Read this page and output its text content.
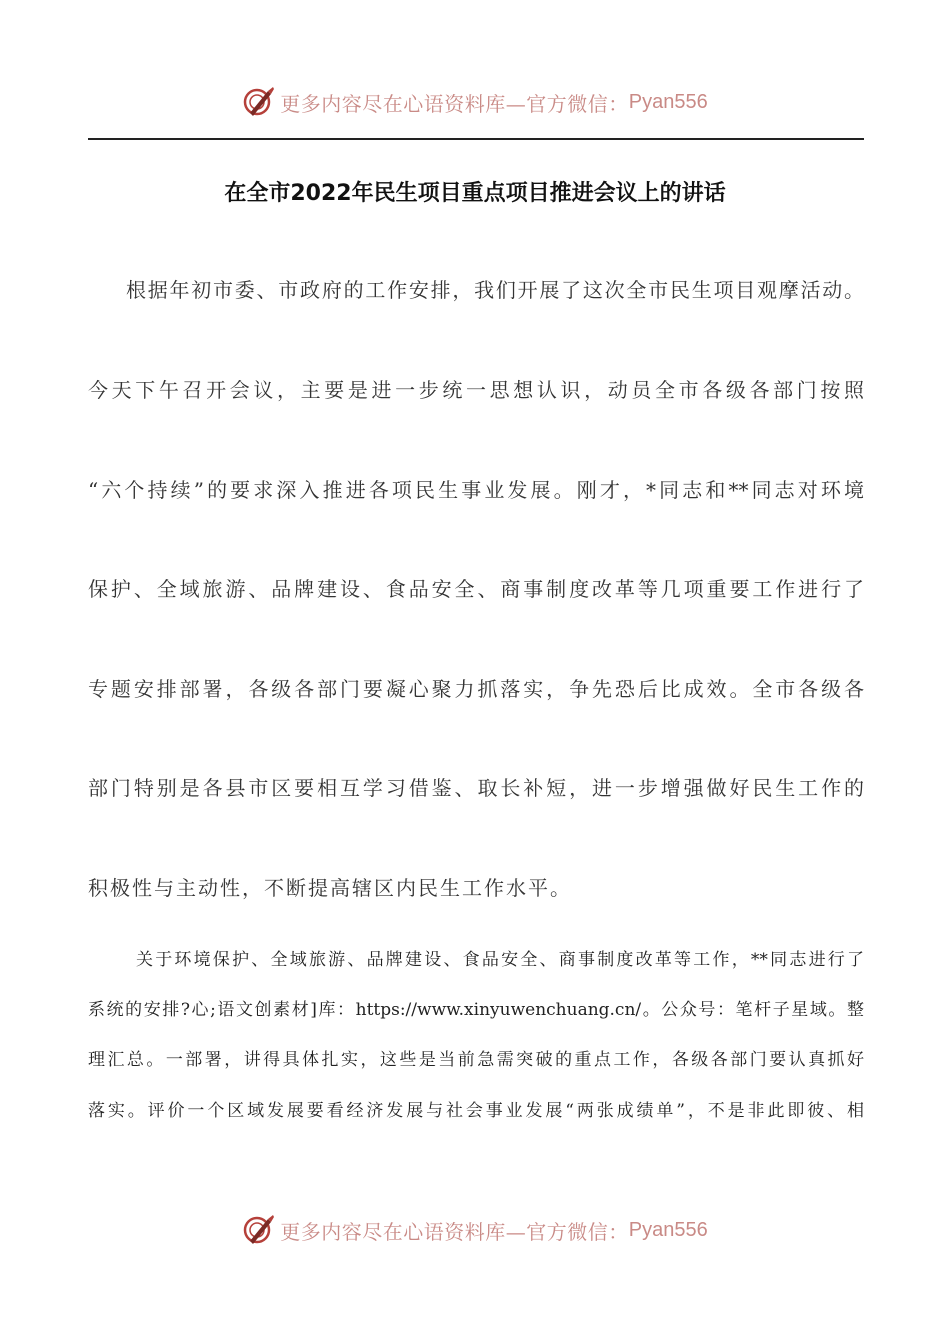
更多内容尽在心语资料库—官方微信： Pyan556
在全市2022年民生项目重点项目推进会议上的讲话
根据年初市委、市政府的工作安排，我们开展了这次全市民生项目观摩活动。
今天下午召开会议，主要是进一步统一思想认识，动员全市各级各部门按照
“六个持续”的要求深入推进各项民生事业发展。刚才，*同志和**同志对环境
保护、全域旅游、品牌建设、食品安全、商事制度改革等几项重要工作进行了
专题安排部署，各级各部门要凝心聚力抓落实，争先恐后比成效。全市各级各
部门特别是各县市区要相互学习借鉴、取长补短，进一步增强做好民生工作的
积极性与主动性，不断提高辖区内民生工作水平。
关于环境保护、全域旅游、品牌建设、食品安全、商事制度改革等工作，**同志进行了
系统的安排?心;语文创素材]库：https://www.xinyuwenchuang.cn/。公众号：笔杆子星域。整
理汇总。一部署，讲得具体扎实，这些是当前急需突破的重点工作，各级各部门要认真抓好
落实。评价一个区域发展要看经济发展与社会事业发展“两张成绩单”，不是非此即彼、相
更多内容尽在心语资料库—官方微信： Pyan556
